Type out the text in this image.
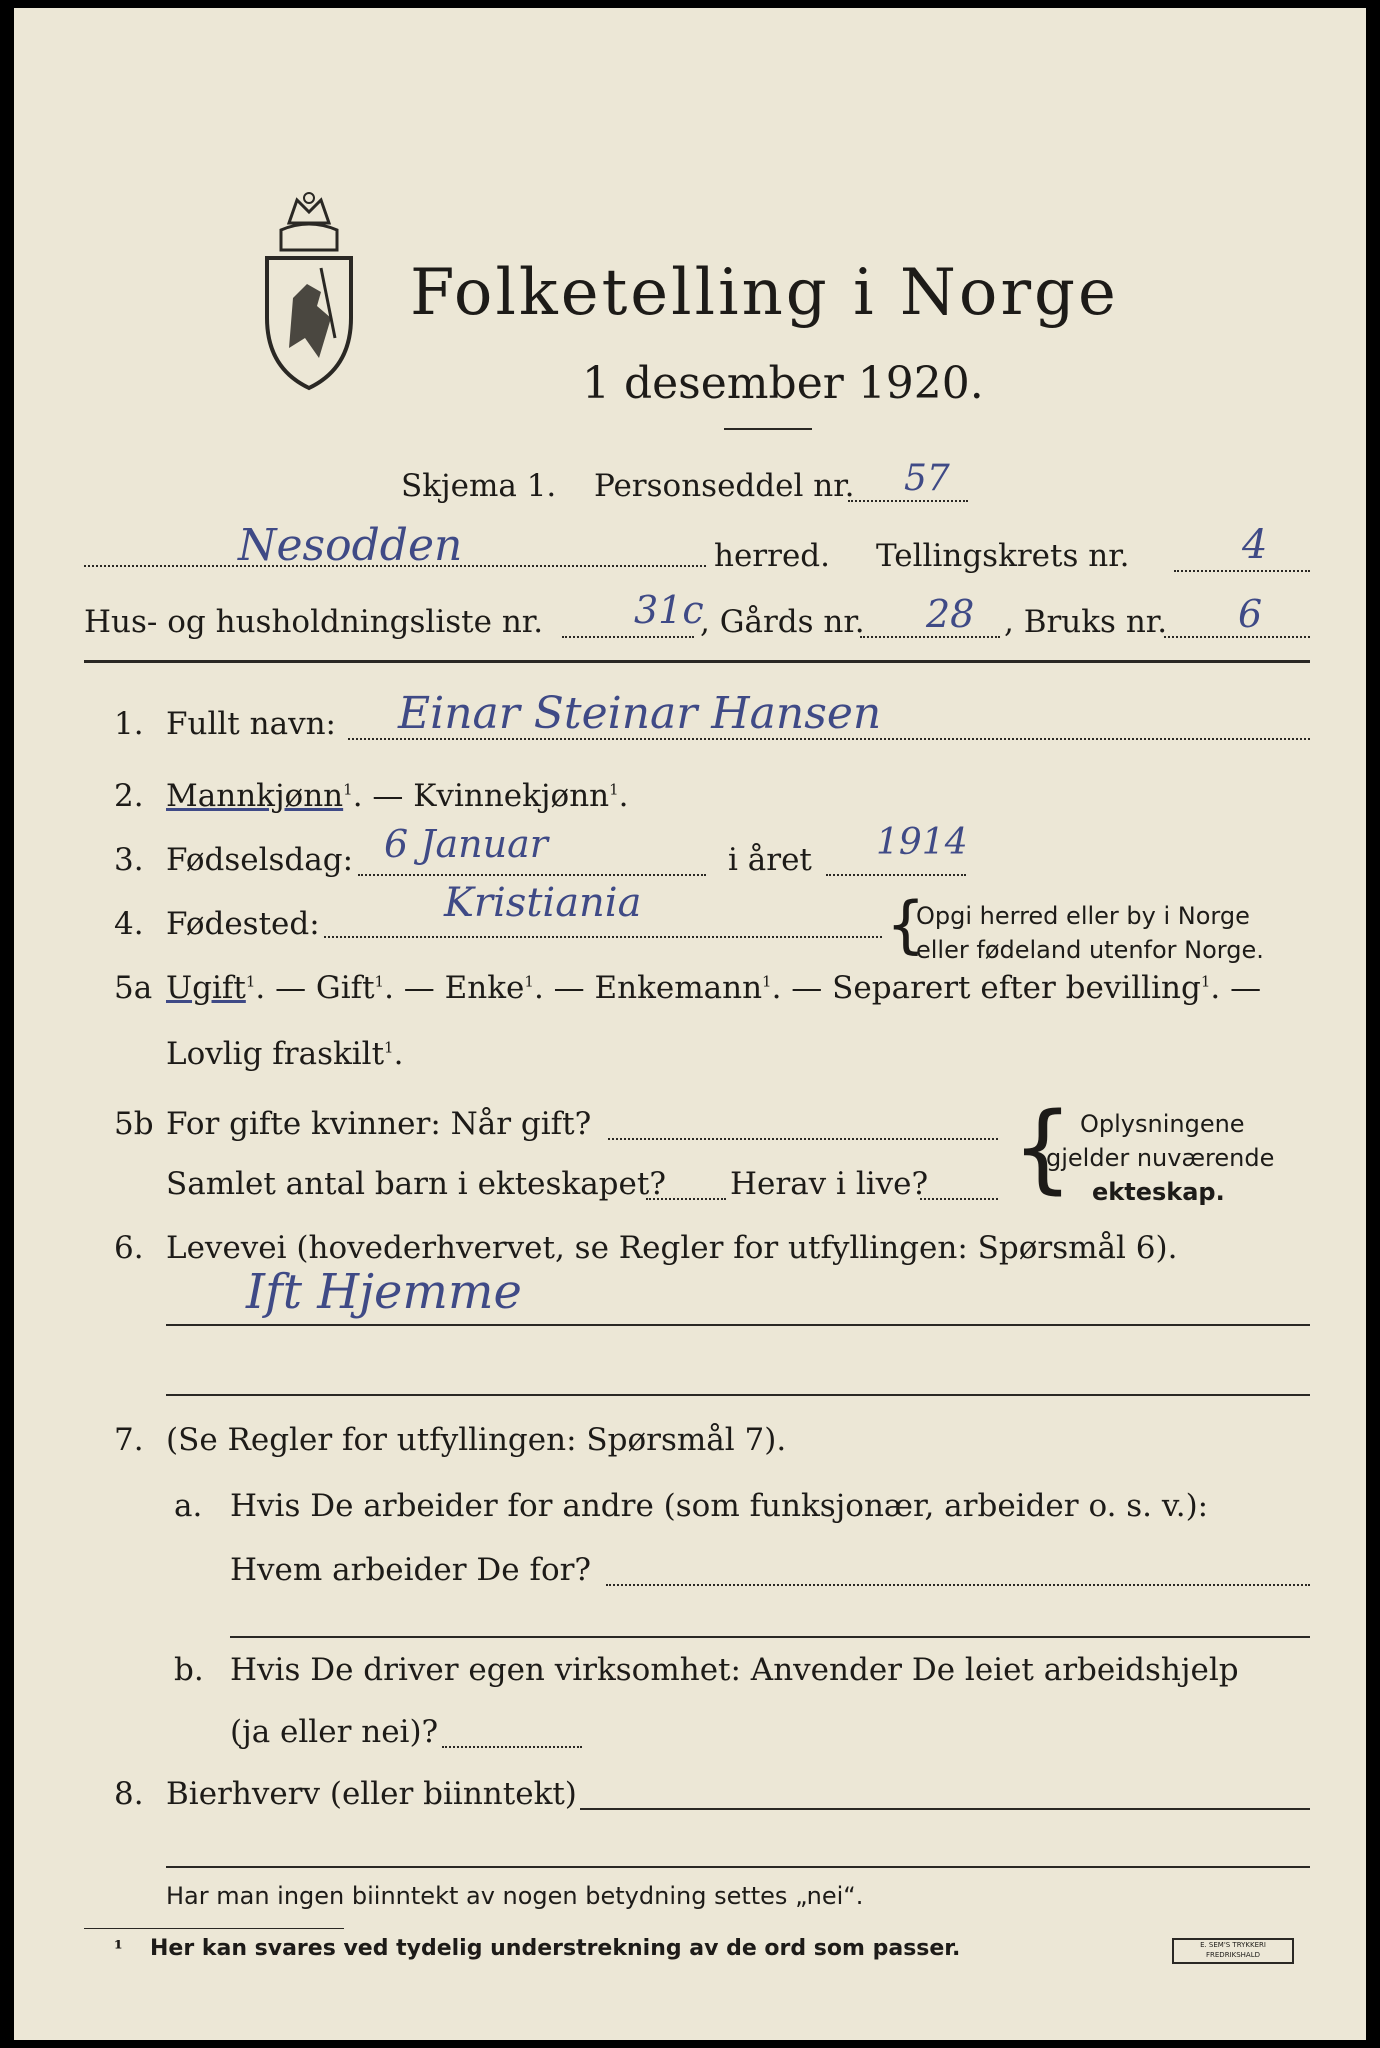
Folketelling i Norge
1 desember 1920.
Skjema 1. Personseddel nr. 57
Nesodden	herred. Tellingskrets nr.	4
Hus- og husholdningsliste nr. 31c
, Gårds nr. 28 , Bruks nr. 6
1. Fullt navn: Einar Steinar Hansen
2. Mannkjønn$^1$. — Kvinnekjønn$^1$.
3. Fødselsdag: 6 Januar	i året 1914
4. Fødested:	Kristiania	{
Opgi herred eller by i Norge
eller fødeland utenfor Norge.
5a Ugift$^1$. — Gift$^1$. — Enke$^1$. — Enkemann$^1$. — Separert efter bevilling$^1$. —
Lovlig fraskilt$^1$.
5b For gifte kvinner: Når gift?
Samlet antal barn i ekteskapet? Herav i live? { Oplysningene
gjelder nuværende
ekteskap.
6. Levevei (hovederhvervet, se Regler for utfyllingen: Spørsmål 6).
Ift Hjemme
7. (Se Regler for utfyllingen: Spørsmål 7).
a. Hvis De arbeider for andre (som funksjonær, arbeider o. s. v.):
Hvem arbeider De for?
b. Hvis De driver egen virksomhet: Anvender De leiet arbeidshjelp
(ja eller nei)?
8. Bierhverv (eller biinntekt)
Har man ingen biinntekt av nogen betydning settes „nei“.
¹ Her kan svares ved tydelig understrekning av de ord som passer.	E. SEM'S TRYKKERI FREDRIKSHALD
